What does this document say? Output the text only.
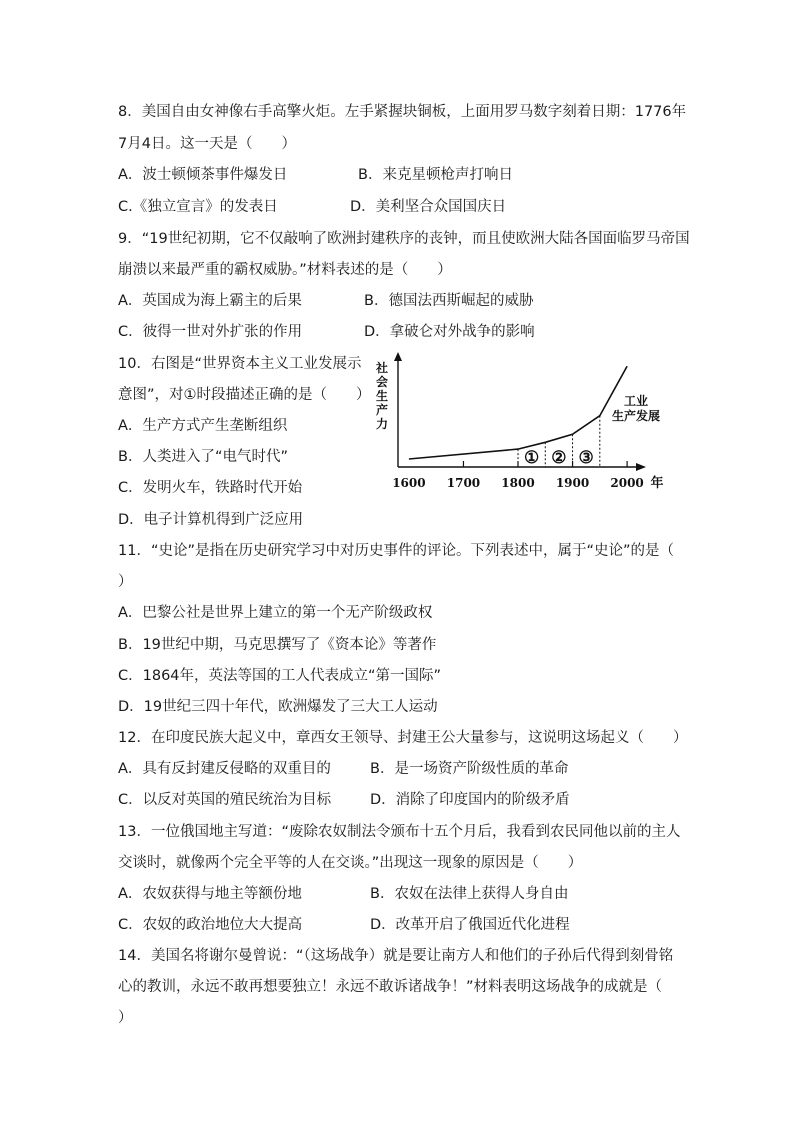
8．美国自由女神像右手高擎火炬。左手紧握块铜板，上面用罗马数字刻着日期：1776年
7月4日。这一天是（　　）
A．波士顿倾茶事件爆发日	B．来克星顿枪声打响日
C.《独立宣言》的发表日	D．美利坚合众国国庆日
9．“19世纪初期，它不仅敲响了欧洲封建秩序的丧钟，而且使欧洲大陆各国面临罗马帝国
崩溃以来最严重的霸权威胁。”材料表述的是（　　）
A．英国成为海上霸主的后果	B．德国法西斯崛起的威胁
C．彼得一世对外扩张的作用	D．拿破仑对外战争的影响
10．右图是“世界资本主义工业发展示
意图”，对①时段描述正确的是（　　）
A．生产方式产生垄断组织
B．人类进入了“电气时代”
C．发明火车，铁路时代开始
D．电子计算机得到广泛应用
社会生产力
年
1600 1700 1800 1900 2000
① ② ③
工业
生产发展
11．“史论”是指在历史研究学习中对历史事件的评论。下列表述中，属于“史论”的是（
）
A．巴黎公社是世界上建立的第一个无产阶级政权
B．19世纪中期，马克思撰写了《资本论》等著作
C．1864年，英法等国的工人代表成立“第一国际”
D．19世纪三四十年代，欧洲爆发了三大工人运动
12．在印度民族大起义中，章西女王领导、封建王公大量参与，这说明这场起义（　　）
A．具有反封建反侵略的双重目的	B．是一场资产阶级性质的革命
C．以反对英国的殖民统治为目标	D．消除了印度国内的阶级矛盾
13．一位俄国地主写道：“废除农奴制法令颁布十五个月后，我看到农民同他以前的主人
交谈时，就像两个完全平等的人在交谈。”出现这一现象的原因是（　　）
A．农奴获得与地主等额份地	B．农奴在法律上获得人身自由
C．农奴的政治地位大大提高	D．改革开启了俄国近代化进程
14．美国名将谢尔曼曾说：“（这场战争）就是要让南方人和他们的子孙后代得到刻骨铭
心的教训，永远不敢再想要独立！永远不敢诉诸战争！”材料表明这场战争的成就是（
）
